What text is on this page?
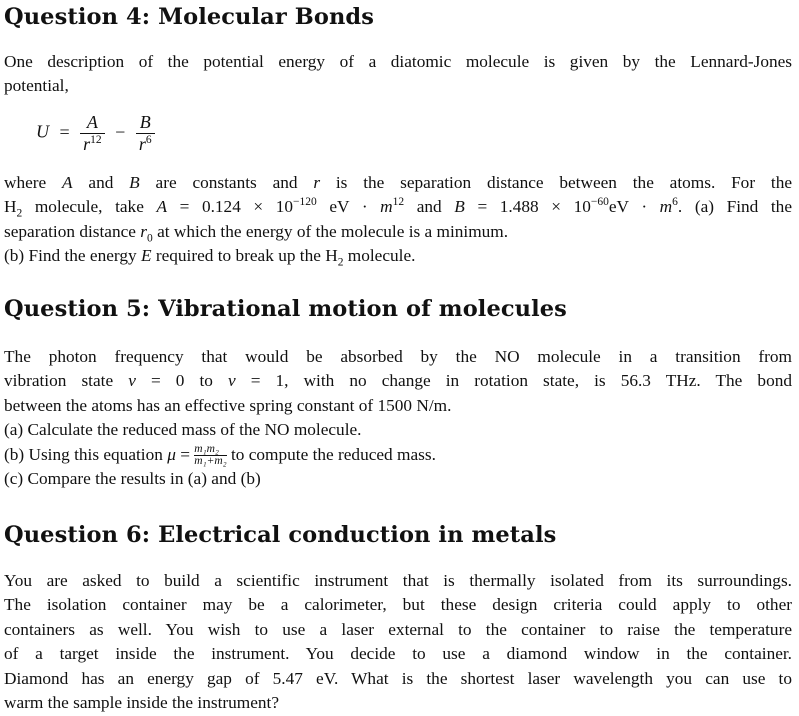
Question 4: Molecular Bonds

One description of the potential energy of a diatomic molecule is given by the Lennard-Jones
potential,

$U = \frac{A}{r^{12}} - \frac{B}{r^6}$

where A and B are constants and r is the separation distance between the atoms. For the
$H_2$ molecule, take $A = 0.124 \times 10^{-120}$ eV · $m^{12}$ and $B = 1.488 \times 10^{-60}eV \cdot m^6$. (a) Find the
separation distance $r_0$ at which the energy of the molecule is a minimum.
(b) Find the energy E required to break up the $H_2$ molecule.

Question 5: Vibrational motion of molecules

The photon frequency that would be absorbed by the NO molecule in a transition from
vibration state ν = 0 to ν = 1, with no change in rotation state, is 56.3 THz. The bond
between the atoms has an effective spring constant of 1500 N/m.
(a) Calculate the reduced mass of the NO molecule.
(b) Using this equation $\mu = \frac{\text{m₁m₂}}{\text{m₁+m₂}}$ to compute the reduced mass.
(c) Compare the results in (a) and (b)

Question 6: Electrical conduction in metals

You are asked to build a scientific instrument that is thermally isolated from its surroundings.
The isolation container may be a calorimeter, but these design criteria could apply to other
containers as well. You wish to use a laser external to the container to raise the temperature
of a target inside the instrument. You decide to use a diamond window in the container.
Diamond has an energy gap of 5.47 eV. What is the shortest laser wavelength you can use to
warm the sample inside the instrument?
